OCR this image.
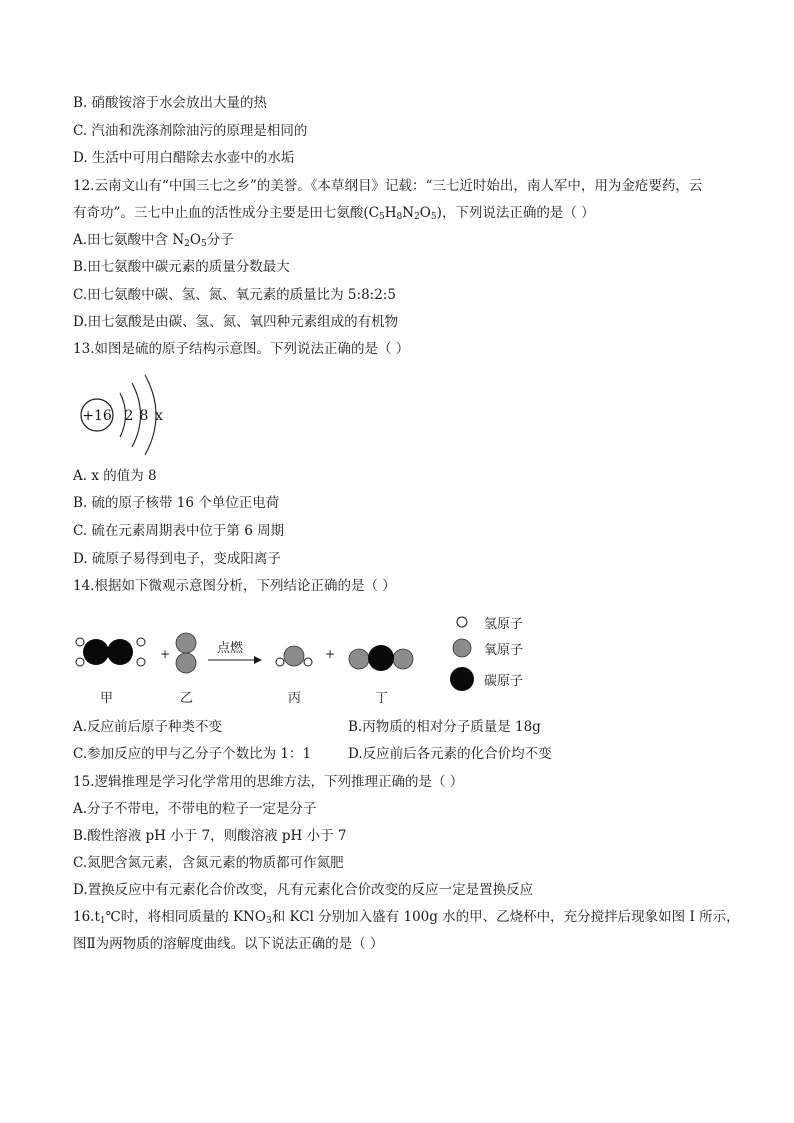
B. 硝酸铵溶于水会放出大量的热
C. 汽油和洗涤剂除油污的原理是相同的
D. 生活中可用白醋除去水壶中的水垢
12.云南文山有“中国三七之乡”的美誉。《本草纲目》记载：“三七近时始出，南人军中，用为金疮要药，云
有奇功”。三七中止血的活性成分主要是田七氨酸$(C_5H_8N_2O_5)$，下列说法正确的是（ ）
A.田七氨酸中含 $N_2O_5$分子
B.田七氨酸中碳元素的质量分数最大
C.田七氨酸中碳、氢、氮、氧元素的质量比为 5:8:2:5
D.田七氨酸是由碳、氢、氮、氧四种元素组成的有机物
13.如图是硫的原子结构示意图。下列说法正确的是（ ）
+16 2 8 x
A. x 的值为 8
B. 硫的原子核带 16 个单位正电荷
C. 硫在元素周期表中位于第 6 周期
D. 硫原子易得到电子，变成阳离子
14.根据如下微观示意图分析，下列结论正确的是（ ）
+	点燃	+
甲	乙	丙	丁
氢原子
氧原子
碳原子
A.反应前后原子种类不变	B.丙物质的相对分子质量是 18g
C.参加反应的甲与乙分子个数比为 1：1	D.反应前后各元素的化合价均不变
15.逻辑推理是学习化学常用的思维方法，下列推理正确的是（ ）
A.分子不带电，不带电的粒子一定是分子
B.酸性溶液 pH 小于 7，则酸溶液 pH 小于 7
C.氮肥含氮元素，含氮元素的物质都可作氮肥
D.置换反应中有元素化合价改变，凡有元素化合价改变的反应一定是置换反应
$16.t_1℃$时，将相同质量的 $KNO_3$和 KCl 分别加入盛有 100g 水的甲、乙烧杯中，充分搅拌后现象如图 I 所示，
图Ⅱ为两物质的溶解度曲线。以下说法正确的是（ ）
